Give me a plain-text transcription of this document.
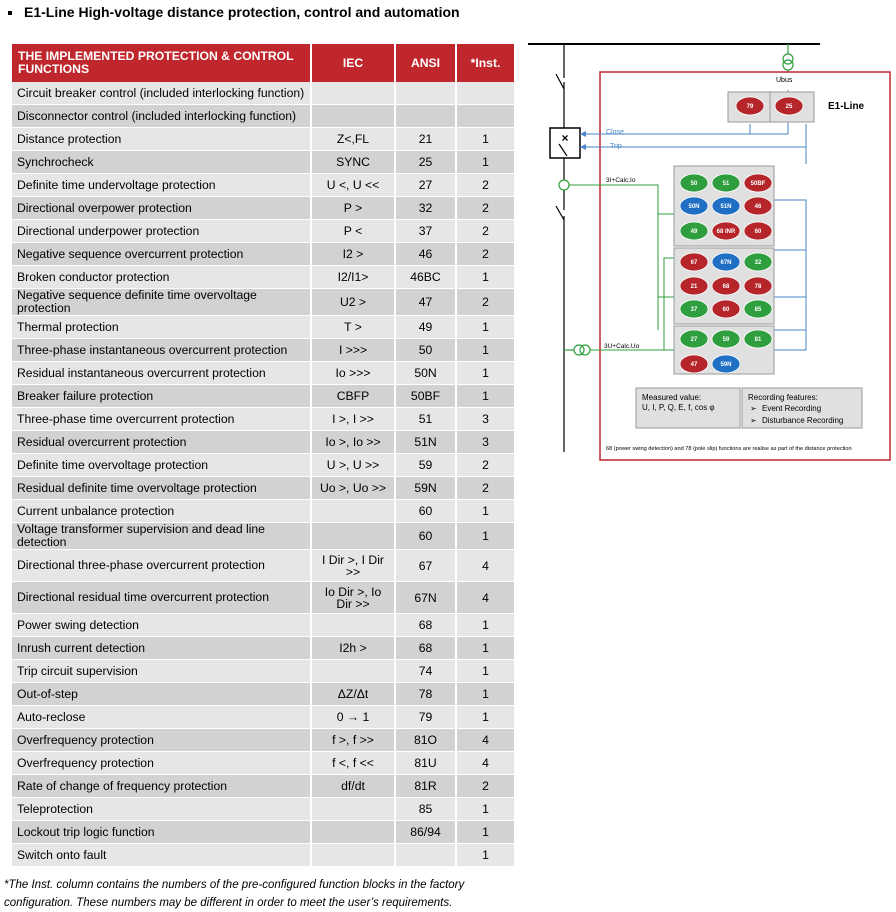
E1-Line High-voltage distance protection, control and automation
THE IMPLEMENTED PROTECTION & CONTROL FUNCTIONS	IEC	ANSI	*Inst.
Circuit breaker control (included interlocking function)			
Disconnector control (included interlocking function)			
Distance protection	Z<,FL	21	1
Synchrocheck	SYNC	25	1
Definite time undervoltage protection	U <, U <<	27	2
Directional overpower protection	P >	32	2
Directional underpower protection	P <	37	2
Negative sequence overcurrent protection	I2 >	46	2
Broken conductor protection	I2/I1>	46BC	1
Negative sequence definite time overvoltage protection	U2 >	47	2
Thermal protection	T >	49	1
Three-phase instantaneous overcurrent protection	I >>>	50	1
Residual instantaneous overcurrent protection	Io >>>	50N	1
Breaker failure protection	CBFP	50BF	1
Three-phase time overcurrent protection	I >, I >>	51	3
Residual overcurrent protection	Io >, Io >>	51N	3
Definite time overvoltage protection	U >, U >>	59	2
Residual definite time overvoltage protection	Uo >, Uo >>	59N	2
Current unbalance protection		60	1
Voltage transformer supervision and dead line detection		60	1
Directional three-phase overcurrent protection	I Dir >, I Dir >>	67	4
Directional residual time overcurrent protection	Io Dir >, Io Dir >>	67N	4
Power swing detection		68	1
Inrush current detection	I2h >	68	1
Trip circuit supervision		74	1
Out-of-step	ΔZ/Δt	78	1
Auto-reclose	0 → 1	79	1
Overfrequency protection	f >, f >>	81O	4
Overfrequency protection	f <, f <<	81U	4
Rate of change of frequency protection	df/dt	81R	2
Teleprotection		85	1
Lockout trip logic function		86/94	1
Switch onto fault			1
*The Inst. column contains the numbers of the pre-configured function blocks in the factory configuration. These numbers may be different in order to meet the user’s requirements.
×
Ubus
E1-Line
Close
Trip
3I+Calc.Io
3U+Calc.Uo
79	25
50	51	50BF
50N	51N	46
49	68 INR	60
67	67N	32
21	68	78
37	60	85
27	59	81
47	59N
Measured value:
U, I, P, Q, E, f, cos φ
Recording features:
➢ Event Recording
➢ Disturbance Recording
68 (power swing detection) and 78 (pole slip) functions are realise as part of the distance protection
